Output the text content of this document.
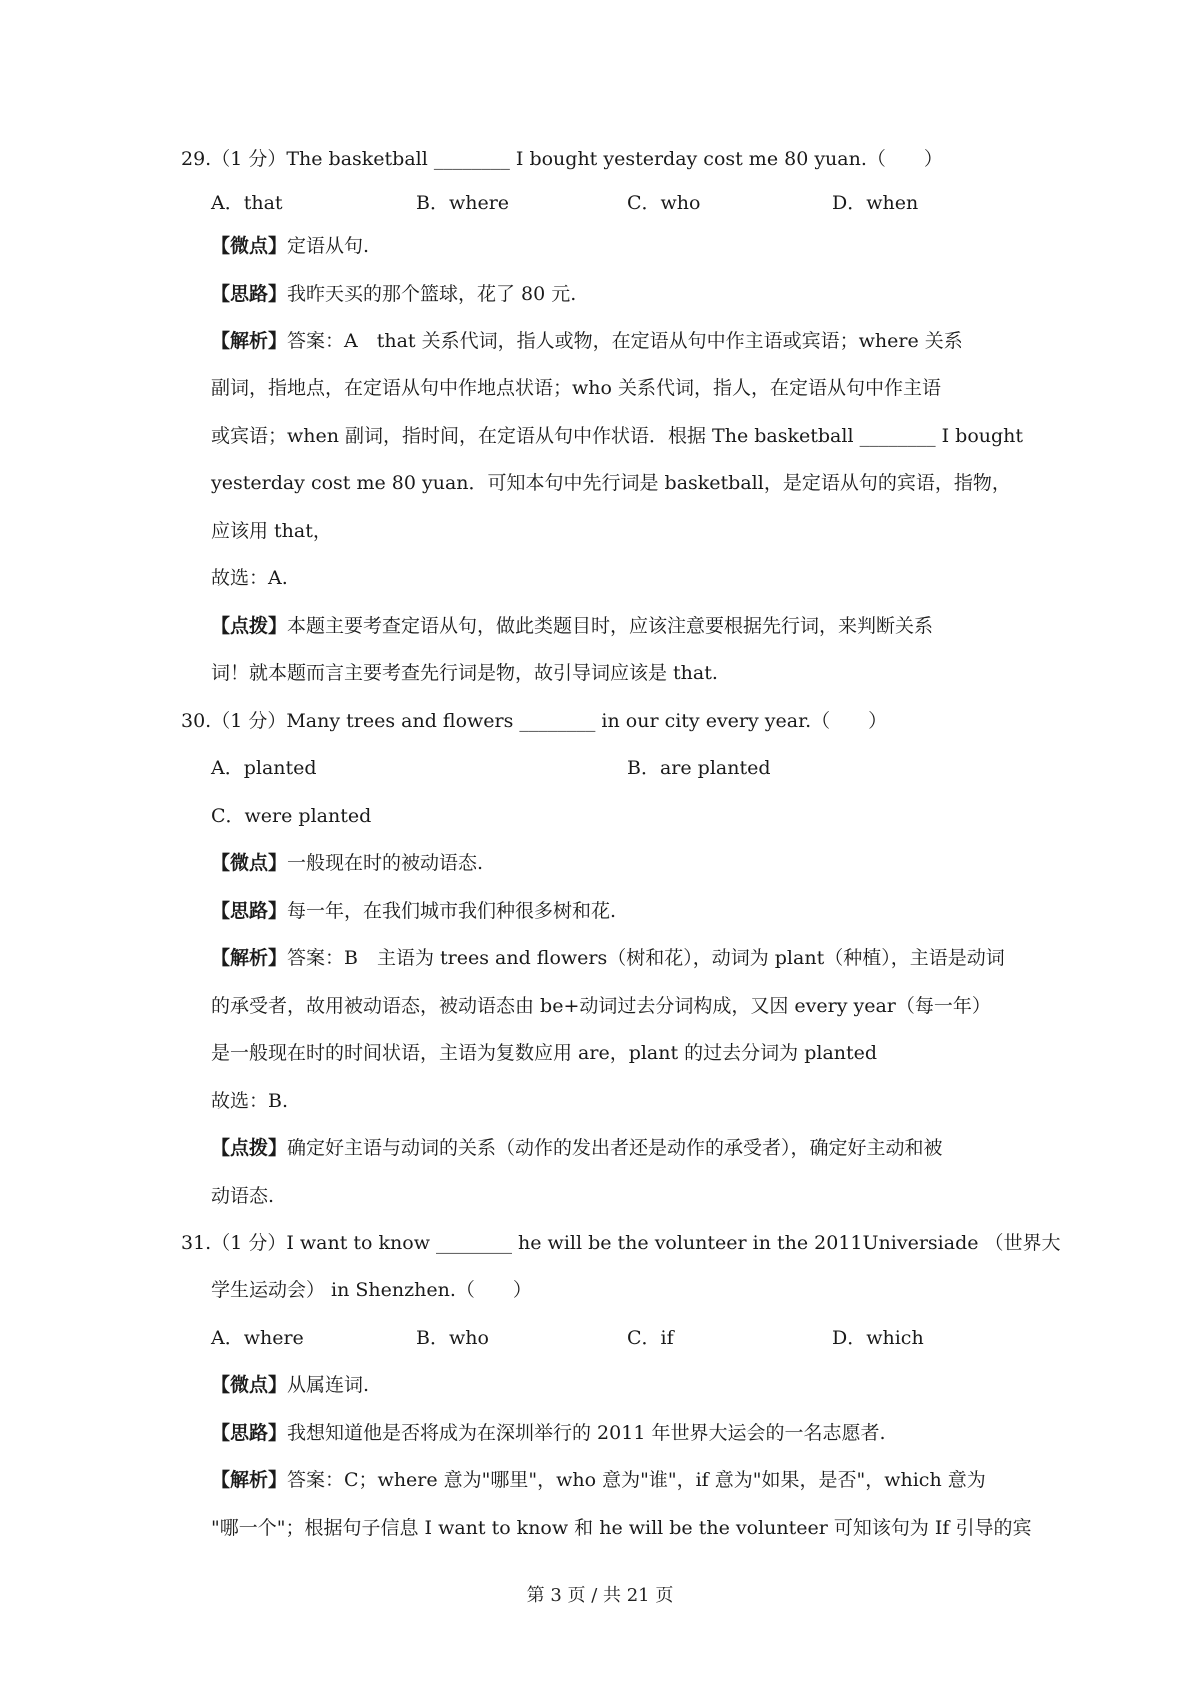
29.（1 分）The basketball ________ I bought yesterday cost me 80 yuan.（　　）
A．that	B．where	C．who	D．when
【微点】定语从句.
【思路】我昨天买的那个篮球，花了 80 元.
【解析】答案：A　that 关系代词，指人或物，在定语从句中作主语或宾语；where 关系
副词，指地点，在定语从句中作地点状语；who 关系代词，指人，在定语从句中作主语
或宾语；when 副词，指时间，在定语从句中作状语．根据 The basketball ________ I bought
yesterday cost me 80 yuan．可知本句中先行词是 basketball，是定语从句的宾语，指物，
应该用 that，
故选：A.
【点拨】本题主要考查定语从句，做此类题目时，应该注意要根据先行词，来判断关系
词！就本题而言主要考查先行词是物，故引导词应该是 that.
30.（1 分）Many trees and flowers ________ in our city every year.（　　）
A．planted	B．are planted
C．were planted
【微点】一般现在时的被动语态.
【思路】每一年，在我们城市我们种很多树和花.
【解析】答案：B　主语为 trees and flowers（树和花），动词为 plant（种植），主语是动词
的承受者，故用被动语态，被动语态由 be+动词过去分词构成，又因 every year（每一年）
是一般现在时的时间状语，主语为复数应用 are，plant 的过去分词为 planted
故选：B.
【点拨】确定好主语与动词的关系（动作的发出者还是动作的承受者），确定好主动和被
动语态.
31.（1 分）I want to know ________ he will be the volunteer in the 2011Universiade （世界大
学生运动会） in Shenzhen.（　　）
A．where	B．who	C．if	D．which
【微点】从属连词.
【思路】我想知道他是否将成为在深圳举行的 2011 年世界大运会的一名志愿者.
【解析】答案：C；where 意为"哪里"，who 意为"谁"，if 意为"如果，是否"，which 意为
"哪一个"；根据句子信息 I want to know 和 he will be the volunteer 可知该句为 If 引导的宾
第 3 页 / 共 21 页
